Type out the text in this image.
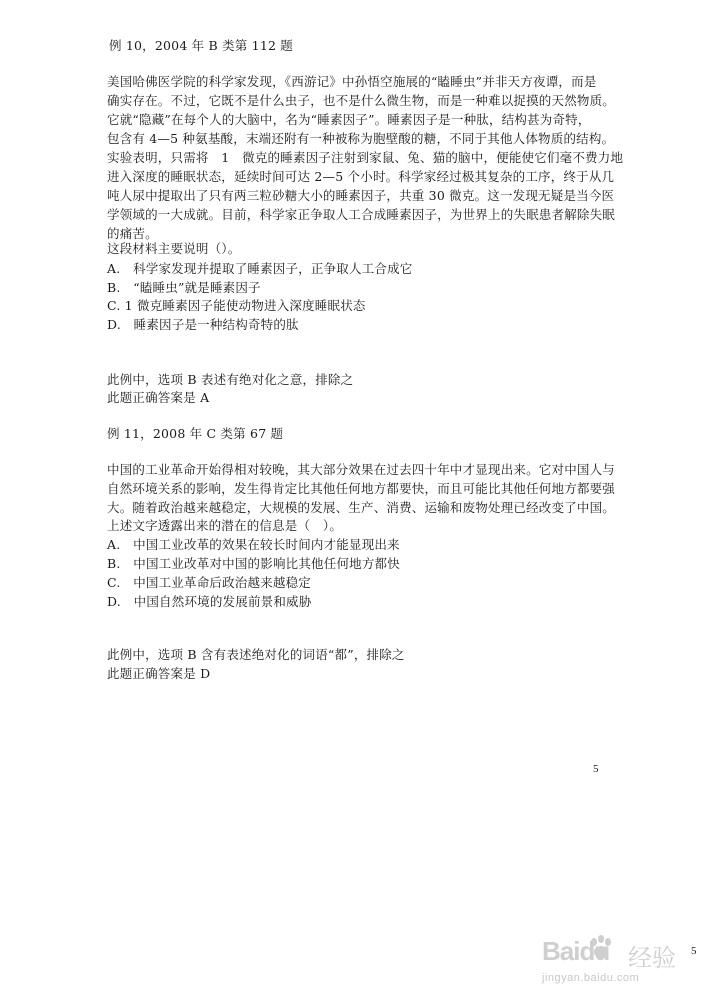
例 10，2004 年 B 类第 112 题
美国哈佛医学院的科学家发现，《西游记》中孙悟空施展的“瞌睡虫”并非天方夜谭，而是
确实存在。不过，它既不是什么虫子，也不是什么微生物，而是一种难以捉摸的天然物质。
它就“隐藏”在每个人的大脑中，名为“睡素因子”。睡素因子是一种肽，结构甚为奇特，
包含有 4—5 种氨基酸，末端还附有一种被称为胞壁酸的糖，不同于其他人体物质的结构。
实验表明，只需将　1　微克的睡素因子注射到家鼠、兔、猫的脑中，便能使它们毫不费力地
进入深度的睡眠状态，延续时间可达 2—5 个小时。科学家经过极其复杂的工序，终于从几
吨人尿中提取出了只有两三粒砂糖大小的睡素因子，共重 30 微克。这一发现无疑是当今医
学领域的一大成就。目前，科学家正争取人工合成睡素因子，为世界上的失眠患者解除失眠
的痛苦。
这段材料主要说明（）。
A.　科学家发现并提取了睡素因子，正争取人工合成它
B.　“瞌睡虫”就是睡素因子
C. 1 微克睡素因子能使动物进入深度睡眠状态
D.　睡素因子是一种结构奇特的肽
此例中，选项 B 表述有绝对化之意，排除之
此题正确答案是 A
例 11，2008 年 C 类第 67 题
中国的工业革命开始得相对较晚，其大部分效果在过去四十年中才显现出来。它对中国人与
自然环境关系的影响，发生得肯定比其他任何地方都要快，而且可能比其他任何地方都要强
大。随着政治越来越稳定，大规模的发展、生产、消费、运输和废物处理已经改变了中国。
上述文字透露出来的潜在的信息是（　）。
A.　中国工业改革的效果在较长时间内才能显现出来
B.　中国工业改革对中国的影响比其他任何地方都快
C.　中国工业革命后政治越来越稳定
D.　中国自然环境的发展前景和威胁
此例中，选项 B 含有表述绝对化的词语“都”，排除之
此题正确答案是 D
5
5
Baidu 经验
jingyan.baidu.com
